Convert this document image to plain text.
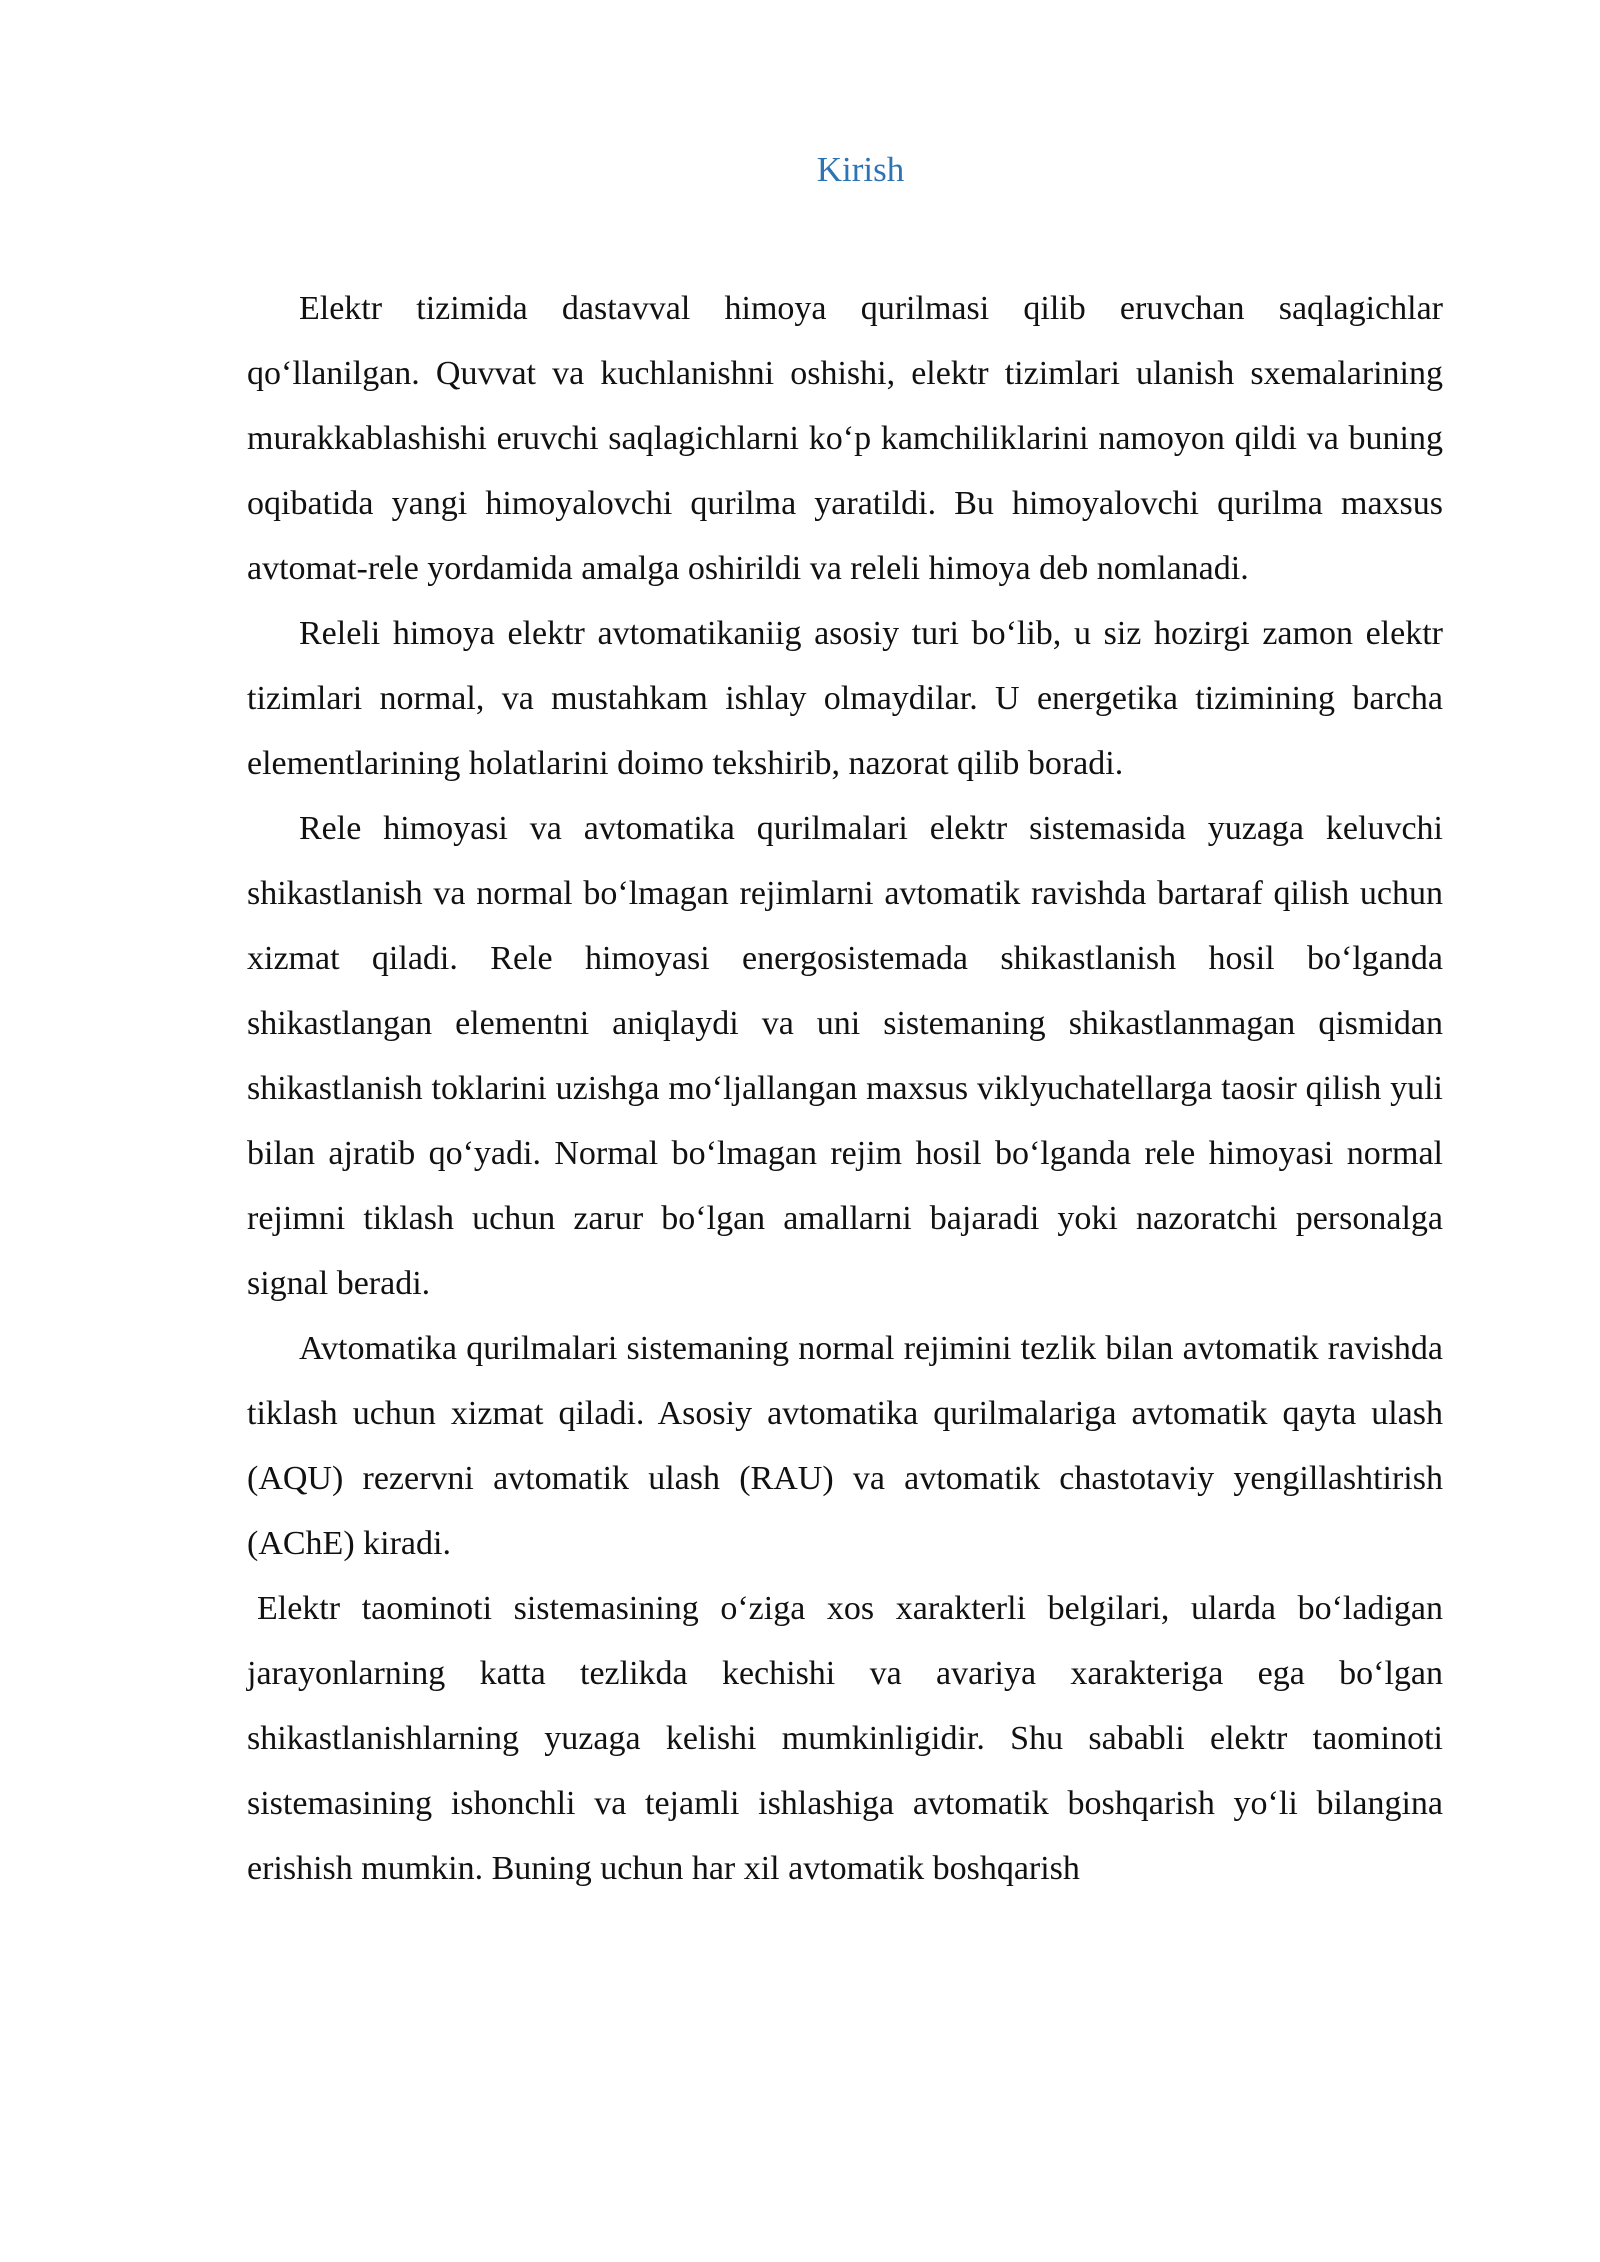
Kirish

Elektr tizimida dastavval himoya qurilmasi qilib eruvchan saqlagichlar qo‘llanilgan. Quvvat va kuchlanishni oshishi, elektr tizimlari ulanish sxemalarining murakkablashishi eruvchi saqlagichlarni ko‘p kamchiliklarini namoyon qildi va buning oqibatida yangi himoyalovchi qurilma yaratildi. Bu himoyalovchi qurilma maxsus avtomat-rele yordamida amalga oshirildi va releli himoya deb nomlanadi.

Releli himoya elektr avtomatikaniig asosiy turi bo‘lib, u siz hozirgi zamon elektr tizimlari normal, va mustahkam ishlay olmaydilar. U energetika tizimining barcha elementlarining holatlarini doimo tekshirib, nazorat qilib boradi.

Rele himoyasi va avtomatika qurilmalari elektr sistemasida yuzaga keluvchi shikastlanish va normal bo‘lmagan rejimlarni avtomatik ravishda bartaraf qilish uchun xizmat qiladi. Rele himoyasi energosistemada shikastlanish hosil bo‘lganda shikastlangan elementni aniqlaydi va uni sistemaning shikastlanmagan qismidan shikastlanish toklarini uzishga mo‘ljallangan maxsus viklyuchatellarga taosir qilish yuli bilan ajratib qo‘yadi. Normal bo‘lmagan rejim hosil bo‘lganda rele himoyasi normal rejimni tiklash uchun zarur bo‘lgan amallarni bajaradi yoki nazoratchi personalga signal beradi.

Avtomatika qurilmalari sistemaning normal rejimini tezlik bilan avtomatik ravishda tiklash uchun xizmat qiladi. Asosiy avtomatika qurilmalariga avtomatik qayta ulash (AQU) rezervni avtomatik ulash (RAU) va avtomatik chastotaviy yengillashtirish (AChE) kiradi.

Elektr taominoti sistemasining o‘ziga xos xarakterli belgilari, ularda bo‘ladigan jarayonlarning katta tezlikda kechishi va avariya xarakteriga ega bo‘lgan shikastlanishlarning yuzaga kelishi mumkinligidir. Shu sababli elektr taominoti sistemasining ishonchli va tejamli ishlashiga avtomatik boshqarish yo‘li bilangina erishish mumkin. Buning uchun har xil avtomatik boshqarish
